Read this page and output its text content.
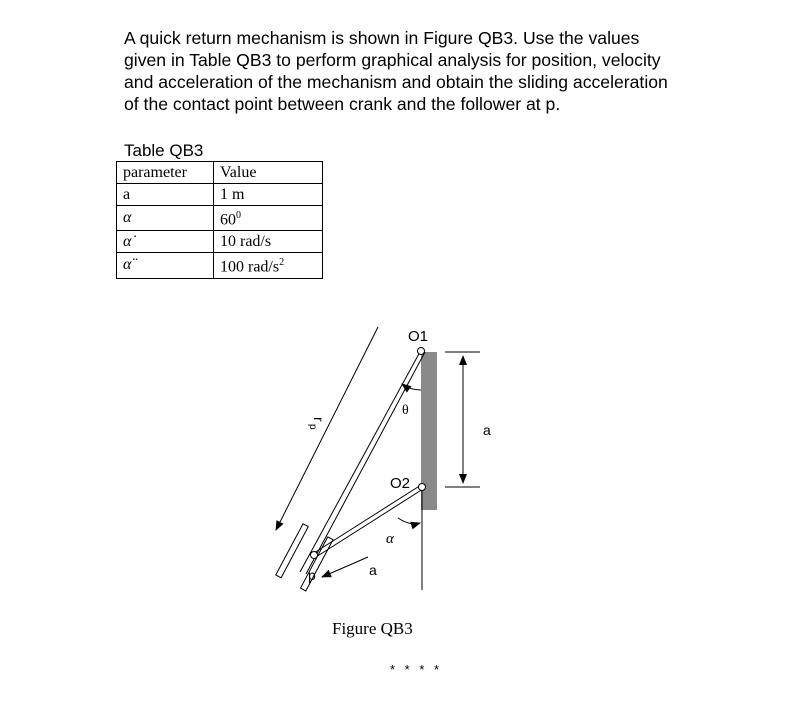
A quick return mechanism is shown in Figure QB3. Use the values
given in Table QB3 to perform graphical analysis for position, velocity
and acceleration of the mechanism and obtain the sliding acceleration
of the contact point between crank and the follower at p.

Table QB3
parameter	Value
a	1 m
α	$60^0$
α̇	10 rad/s
α̈	100 rad/$s^2$
O1
O2
θ
α
a
a
p
r
p
Figure QB3
* * * *
